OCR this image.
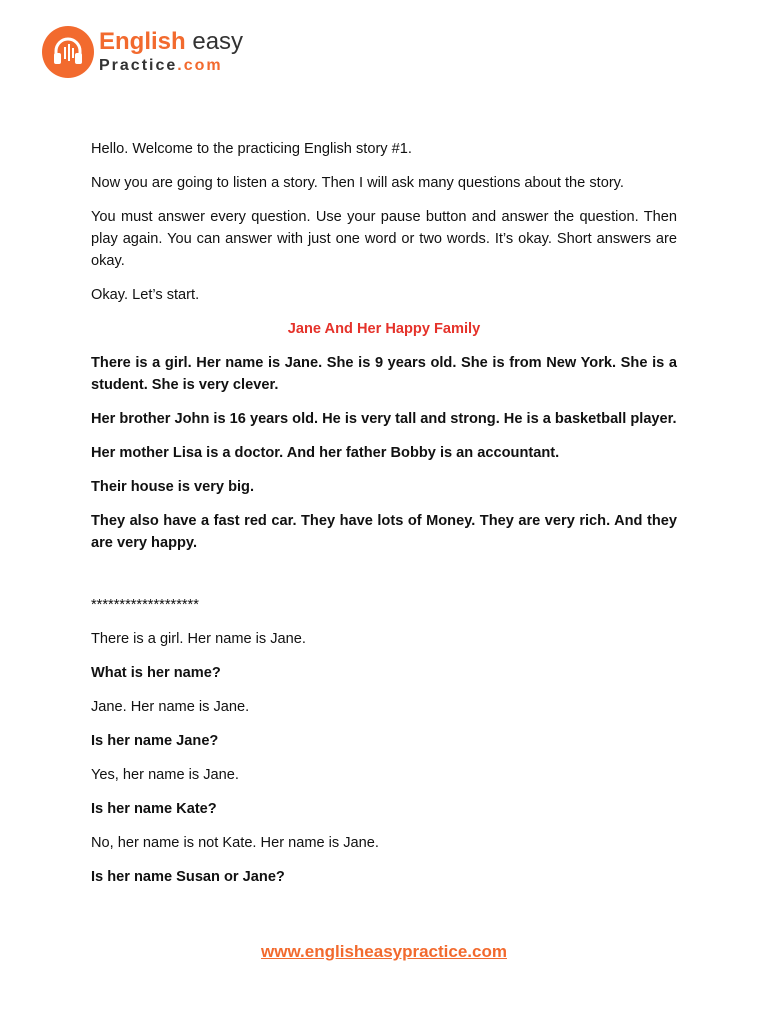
English easy
Practice.com

Hello. Welcome to the practicing English story #1.

Now you are going to listen a story. Then I will ask many questions about the story.

You must answer every question. Use your pause button and answer the question. Then play again. You can answer with just one word or two words. It’s okay. Short answers are okay.

Okay. Let’s start.

Jane And Her Happy Family

There is a girl. Her name is Jane. She is 9 years old. She is from New York. She is a student. She is very clever.

Her brother John is 16 years old. He is very tall and strong. He is a basketball player.

Her mother Lisa is a doctor. And her father Bobby is an accountant.

Their house is very big.

They also have a fast red car. They have lots of Money. They are very rich. And they are very happy.

*******************

There is a girl. Her name is Jane.

What is her name?

Jane. Her name is Jane.

Is her name Jane?

Yes, her name is Jane.

Is her name Kate?

No, her name is not Kate. Her name is Jane.

Is her name Susan or Jane?

www.englisheasypractice.com
